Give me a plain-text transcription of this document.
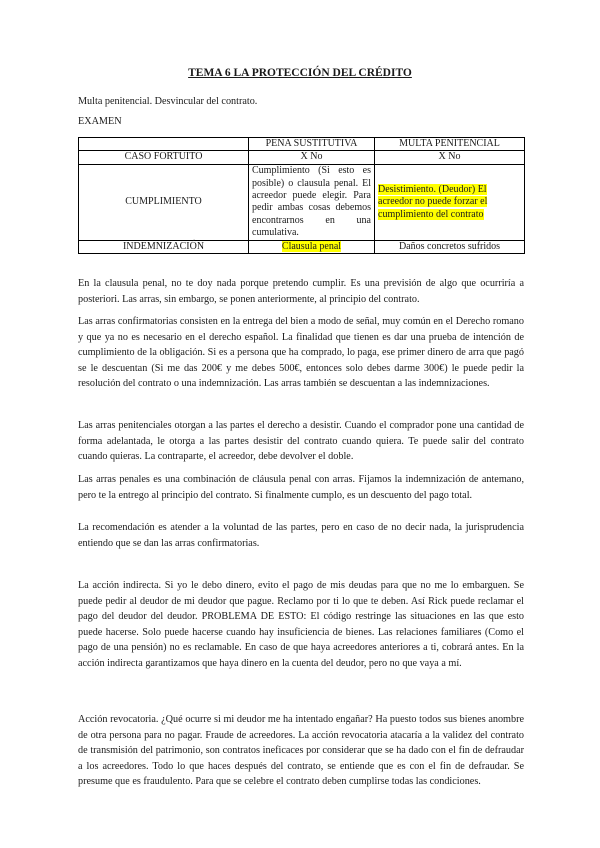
TEMA 6 LA PROTECCIÓN DEL CRÉDITO
Multa penitencial. Desvincular del contrato.
EXAMEN
	PENA SUSTITUTIVA	MULTA PENITENCIAL
CASO FORTUITO	X No	X No
CUMPLIMIENTO	Cumplimiento (Si esto es posible) o clausula penal. El acreedor puede elegir. Para pedir ambas cosas debemos encontrarnos en una cumulativa.	Desistimiento. (Deudor) El acreedor no puede forzar el cumplimiento del contrato
INDEMNIZACIÓN	Clausula penal	Daños concretos sufridos
En la clausula penal, no te doy nada porque pretendo cumplir. Es una previsión de algo que ocurriría a posteriori. Las arras, sin embargo, se ponen anteriormente, al principio del contrato.
Las arras confirmatorias consisten en la entrega del bien a modo de señal, muy común en el Derecho romano y que ya no es necesario en el derecho español. La finalidad que tienen es dar una prueba de intención de cumplimiento de la obligación. Si es a persona que ha comprado, lo paga, ese primer dinero de arra que pagó se le descuentan (Si me das 200€ y me debes 500€, entonces solo debes darme 300€) le puede pedir la resolución del contrato o una indemnización. Las arras también se descuentan a las indemnizaciones.
Las arras penitenciales otorgan a las partes el derecho a desistir. Cuando el comprador pone una cantidad de forma adelantada, le otorga a las partes desistir del contrato cuando quiera. Te puede salir del contrato cuando quieras. La contraparte, el acreedor, debe devolver el doble.
Las arras penales es una combinación de cláusula penal con arras. Fijamos la indemnización de antemano, pero te la entrego al principio del contrato. Si finalmente cumplo, es un descuento del pago total.
La recomendación es atender a la voluntad de las partes, pero en caso de no decir nada, la jurisprudencia entiendo que se dan las arras confirmatorias.
La acción indirecta. Si yo le debo dinero, evito el pago de mis deudas para que no me lo embarguen. Se puede pedir al deudor de mi deudor que pague. Reclamo por ti lo que te deben. Así Rick puede reclamar el pago del deudor del deudor. PROBLEMA DE ESTO: El código restringe las situaciones en las que esto puede hacerse. Solo puede hacerse cuando hay insuficiencia de bienes. Las relaciones familiares (Como el pago de una pensión) no es reclamable. En caso de que haya acreedores anteriores a ti, cobrará antes. En la acción indirecta garantizamos que haya dinero en la cuenta del deudor, pero no que vaya a mí.
Acción revocatoria. ¿Qué ocurre si mi deudor me ha intentado engañar? Ha puesto todos sus bienes anombre de otra persona para no pagar. Fraude de acreedores. La acción revocatoria atacaría a la validez del contrato de transmisión del patrimonio, son contratos ineficaces por considerar que se ha dado con el fin de defraudar a los acreedores. Todo lo que haces después del contrato, se entiende que es con el fin de defraudar. Se presume que es fraudulento. Para que se celebre el contrato deben cumplirse todas las condiciones.
